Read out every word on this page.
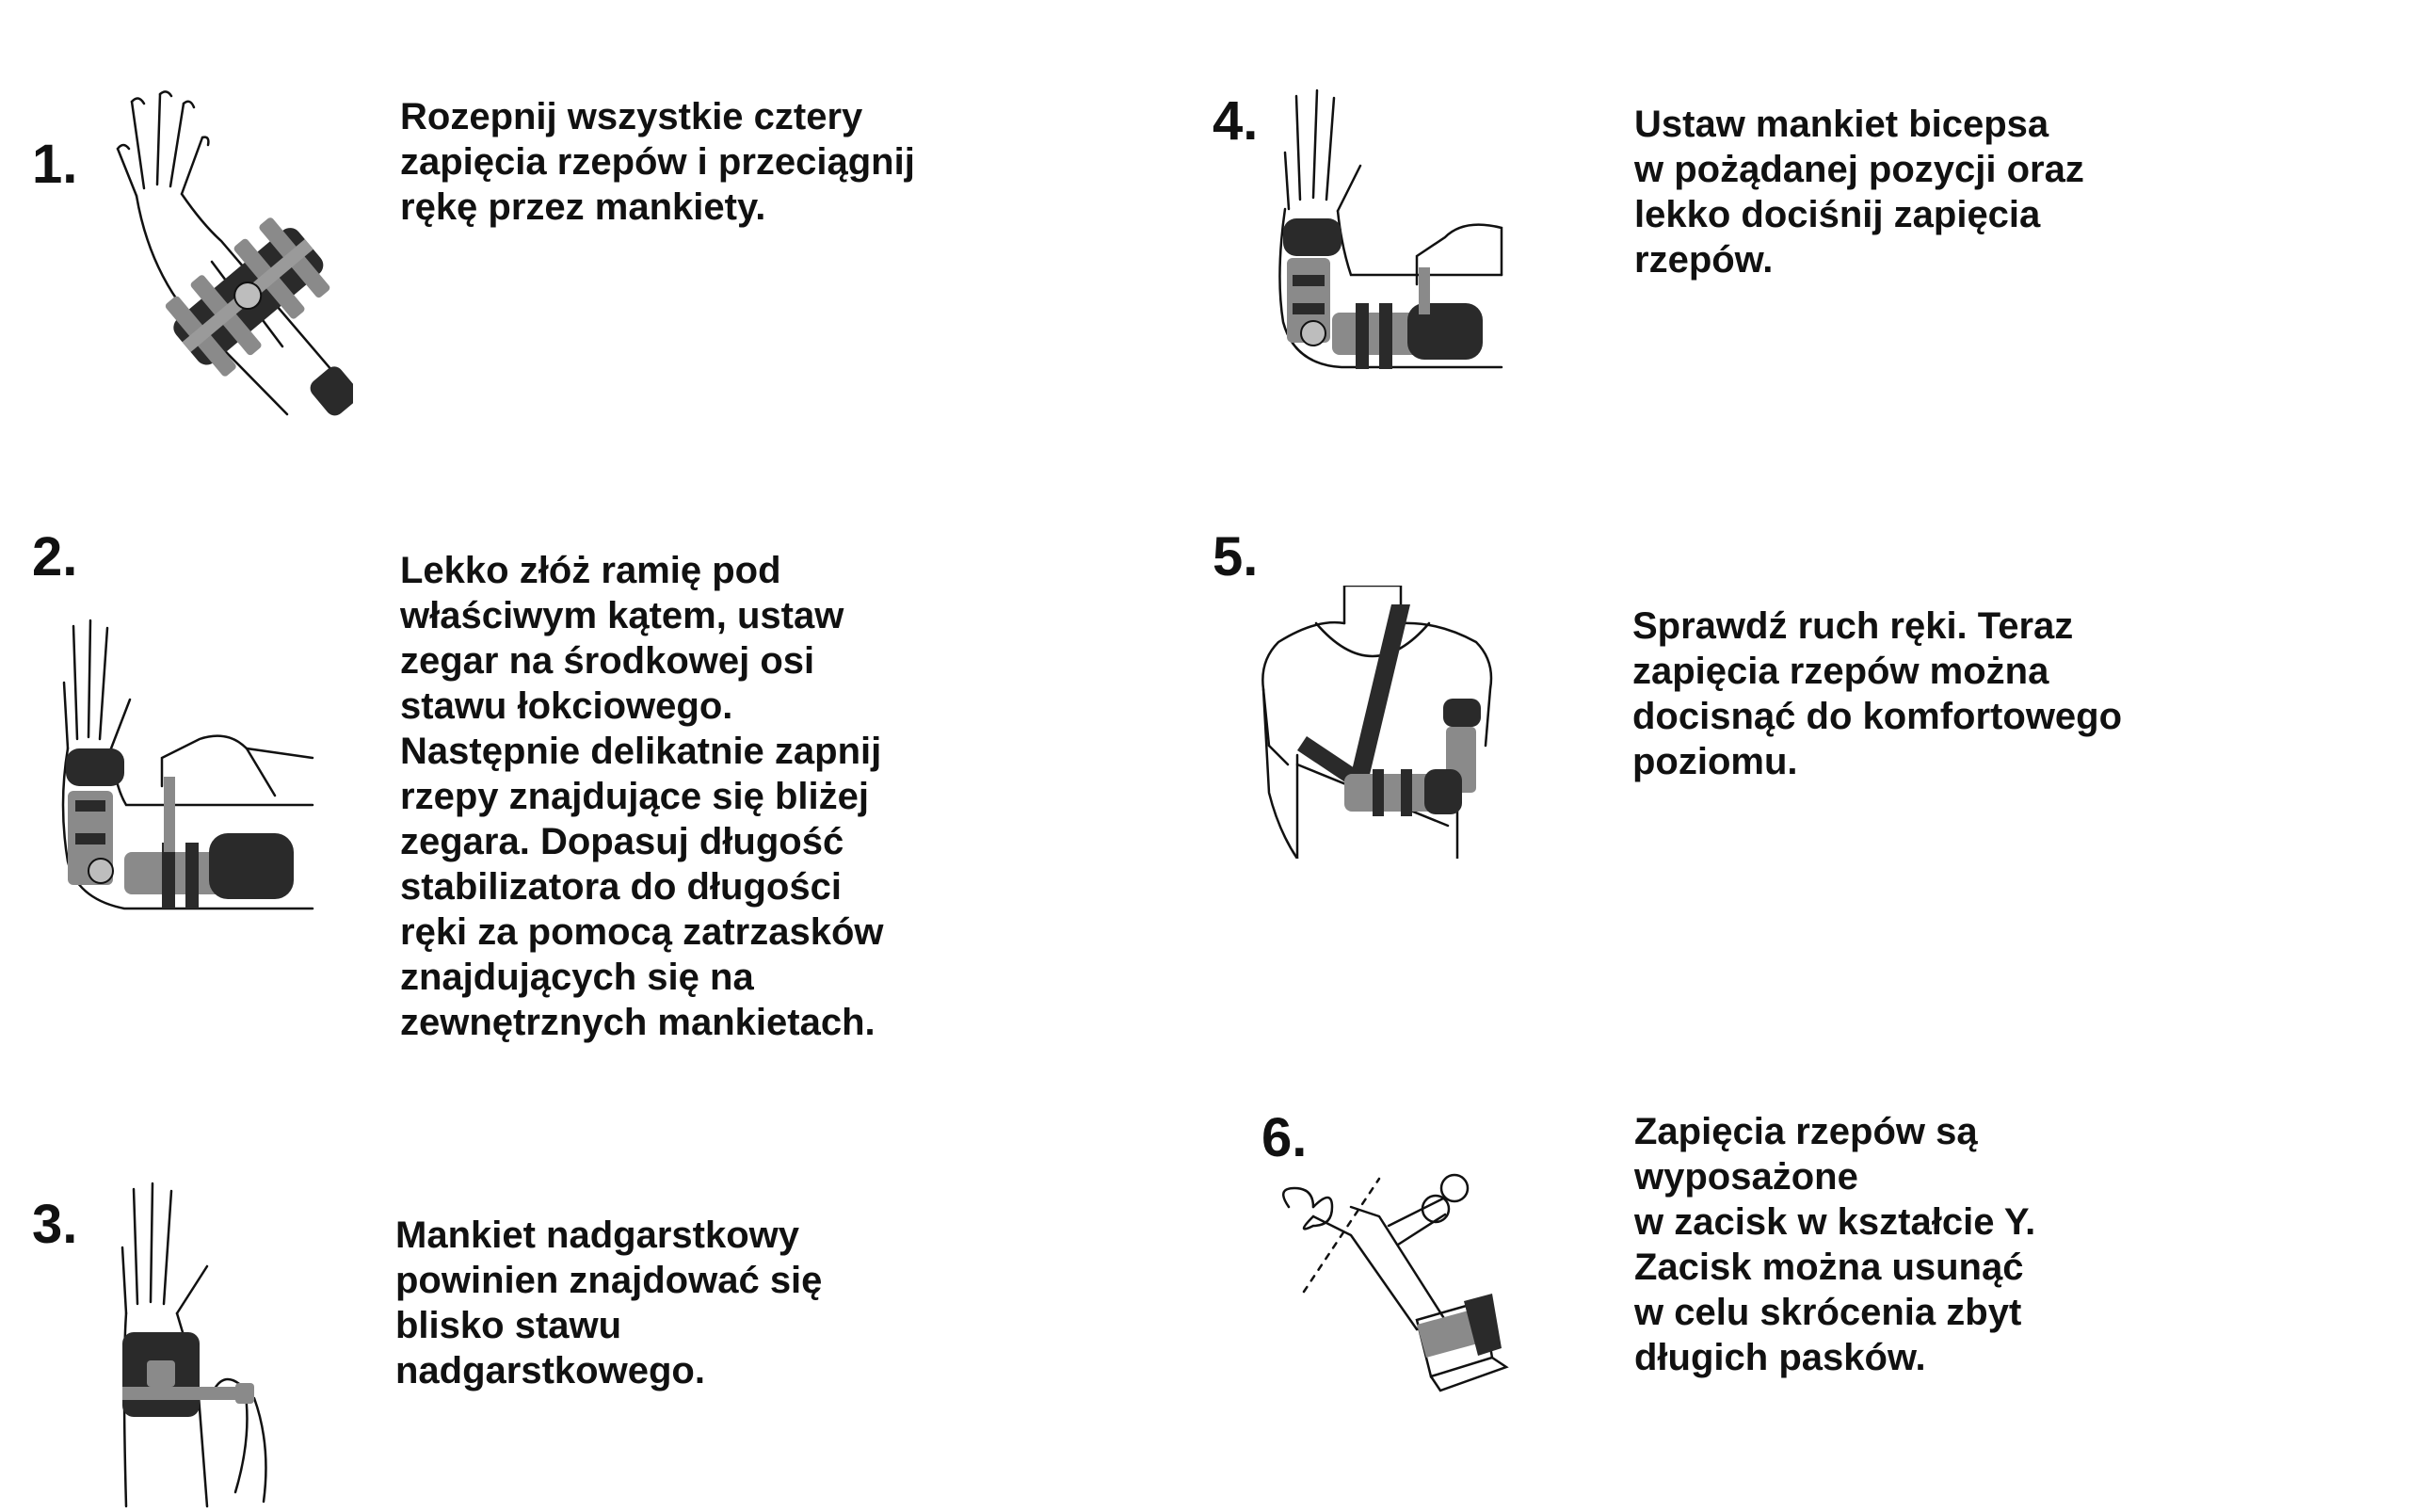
1.
Rozepnij wszystkie cztery
zapięcia rzepów i przeciągnij
rękę przez mankiety.
2.	Lekko złóż ramię pod
właściwym kątem, ustaw
zegar na środkowej osi
stawu łokciowego.
Następnie delikatnie zapnij
rzepy znajdujące się bliżej
zegara. Dopasuj długość
stabilizatora do długości
ręki za pomocą zatrzasków
znajdujących się na
zewnętrznych mankietach.
3.	Mankiet nadgarstkowy
powinien znajdować się
blisko stawu
nadgarstkowego.
4.	Ustaw mankiet bicepsa
w pożądanej pozycji oraz
lekko dociśnij zapięcia
rzepów.
5.
Sprawdź ruch ręki. Teraz
zapięcia rzepów można
docisnąć do komfortowego
poziomu.
6.	Zapięcia rzepów są
wyposażone
w zacisk w kształcie Y.
Zacisk można usunąć
w celu skrócenia zbyt
długich pasków.
